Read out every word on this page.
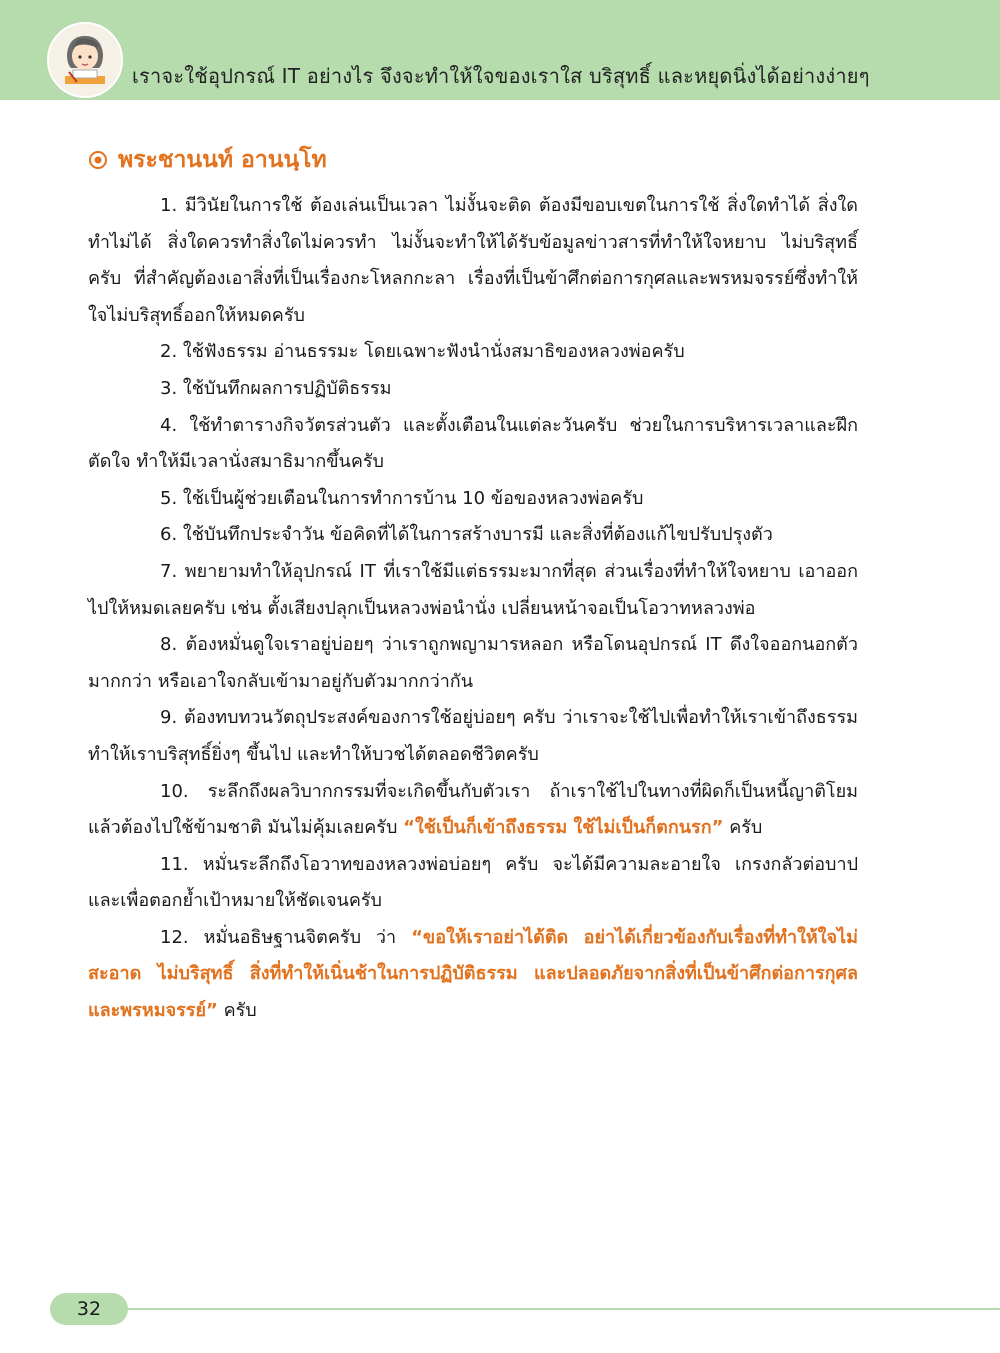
เราจะใช้อุปกรณ์ IT อย่างไร จึงจะทำให้ใจของเราใส บริสุทธิ์ และหยุดนิ่งได้อย่างง่ายๆ
พระชานนท์ อานนฺโท

1. มีวินัยในการใช้ ต้องเล่นเป็นเวลา ไม่งั้นจะติด ต้องมีขอบเขตในการใช้ สิ่งใดทำได้ สิ่งใดทำไม่ได้ สิ่งใดควรทำสิ่งใดไม่ควรทำ ไม่งั้นจะทำให้ได้รับข้อมูลข่าวสารที่ทำให้ใจหยาบ ไม่บริสุทธิ์ครับ ที่สำคัญต้องเอาสิ่งที่เป็นเรื่องกะโหลกกะลา เรื่องที่เป็นข้าศึกต่อการกุศลและพรหมจรรย์ซึ่งทำให้ใจไม่บริสุทธิ์ออกให้หมดครับ

2. ใช้ฟังธรรม อ่านธรรมะ โดยเฉพาะฟังนำนั่งสมาธิของหลวงพ่อครับ

3. ใช้บันทึกผลการปฏิบัติธรรม

4. ใช้ทำตารางกิจวัตรส่วนตัว และตั้งเตือนในแต่ละวันครับ ช่วยในการบริหารเวลาและฝึกตัดใจ ทำให้มีเวลานั่งสมาธิมากขึ้นครับ

5. ใช้เป็นผู้ช่วยเตือนในการทำการบ้าน 10 ข้อของหลวงพ่อครับ

6. ใช้บันทึกประจำวัน ข้อคิดที่ได้ในการสร้างบารมี และสิ่งที่ต้องแก้ไขปรับปรุงตัว

7. พยายามทำให้อุปกรณ์ IT ที่เราใช้มีแต่ธรรมะมากที่สุด ส่วนเรื่องที่ทำให้ใจหยาบ เอาออกไปให้หมดเลยครับ เช่น ตั้งเสียงปลุกเป็นหลวงพ่อนำนั่ง เปลี่ยนหน้าจอเป็นโอวาทหลวงพ่อ

8. ต้องหมั่นดูใจเราอยู่บ่อยๆ ว่าเราถูกพญามารหลอก หรือโดนอุปกรณ์ IT ดึงใจออกนอกตัวมากกว่า หรือเอาใจกลับเข้ามาอยู่กับตัวมากกว่ากัน

9. ต้องทบทวนวัตถุประสงค์ของการใช้อยู่บ่อยๆ ครับ ว่าเราจะใช้ไปเพื่อทำให้เราเข้าถึงธรรม ทำให้เราบริสุทธิ์ยิ่งๆ ขึ้นไป และทำให้บวชได้ตลอดชีวิตครับ

10. ระลึกถึงผลวิบากกรรมที่จะเกิดขึ้นกับตัวเรา ถ้าเราใช้ไปในทางที่ผิดก็เป็นหนี้ญาติโยม แล้วต้องไปใช้ข้ามชาติ มันไม่คุ้มเลยครับ “ใช้เป็นก็เข้าถึงธรรม ใช้ไม่เป็นก็ตกนรก” ครับ

11. หมั่นระลึกถึงโอวาทของหลวงพ่อบ่อยๆ ครับ จะได้มีความละอายใจ เกรงกลัวต่อบาป และเพื่อตอกย้ำเป้าหมายให้ชัดเจนครับ

12. หมั่นอธิษฐานจิตครับ ว่า “ขอให้เราอย่าได้ติด อย่าได้เกี่ยวข้องกับเรื่องที่ทำให้ใจไม่สะอาด ไม่บริสุทธิ์ สิ่งที่ทำให้เนิ่นช้าในการปฏิบัติธรรม และปลอดภัยจากสิ่งที่เป็นข้าศึกต่อการกุศลและพรหมจรรย์” ครับ

32
